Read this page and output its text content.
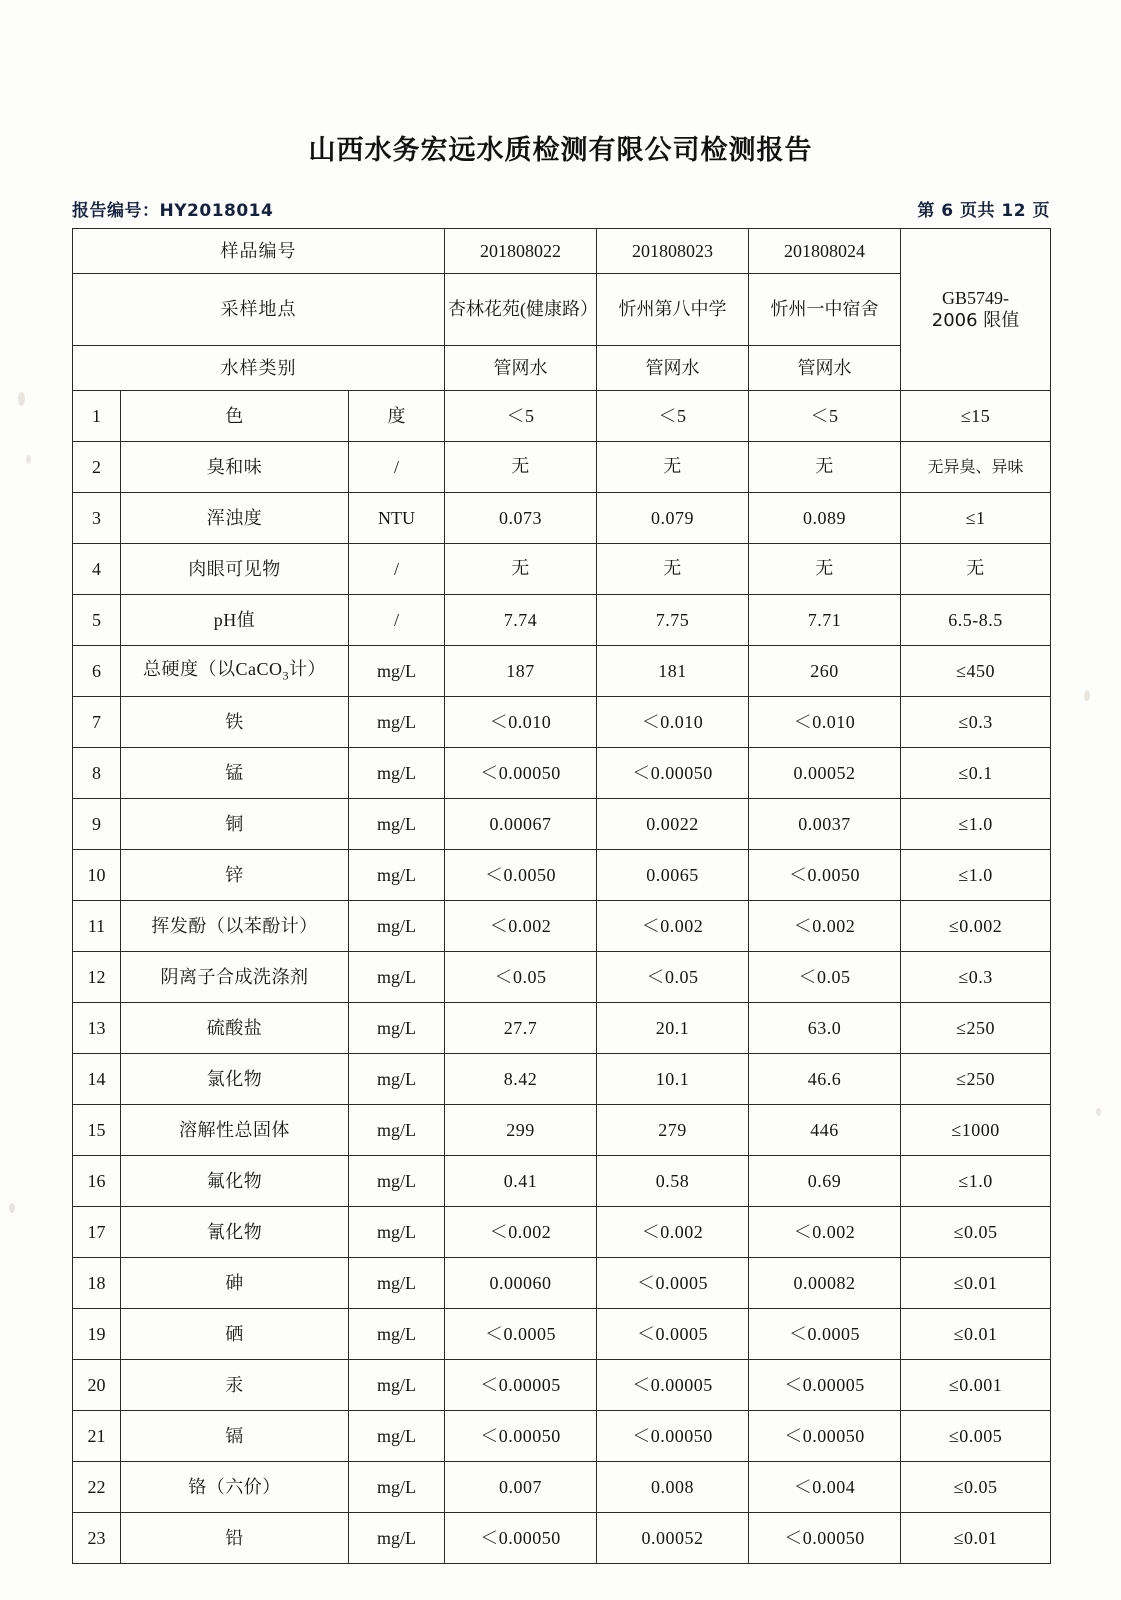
山西水务宏远水质检测有限公司检测报告
报告编号：HY2018014	第 6 页共 12 页
样品编号			201808022	201808023	201808024	GB5749-
2006 限值

采样地点			杏林花苑(健康路）	忻州第八中学	忻州一中宿舍	
水样类别			管网水	管网水	管网水	
1	色	度	＜5	＜5	＜5	≤15
2	臭和味	/	无	无	无	无异臭、异味
3	浑浊度	NTU	0.073	0.079	0.089	≤1
4	肉眼可见物	/	无	无	无	无
5	pH值	/	7.74	7.75	7.71	6.5-8.5
6	总硬度（以CaCO$_3$计）	mg/L	187	181	260	≤450
7	铁	mg/L	＜0.010	＜0.010	＜0.010	≤0.3
8	锰	mg/L	＜0.00050	＜0.00050	0.00052	≤0.1
9	铜	mg/L	0.00067	0.0022	0.0037	≤1.0
10	锌	mg/L	＜0.0050	0.0065	＜0.0050	≤1.0
11	挥发酚（以苯酚计）	mg/L	＜0.002	＜0.002	＜0.002	≤0.002
12	阴离子合成洗涤剂	mg/L	＜0.05	＜0.05	＜0.05	≤0.3
13	硫酸盐	mg/L	27.7	20.1	63.0	≤250
14	氯化物	mg/L	8.42	10.1	46.6	≤250
15	溶解性总固体	mg/L	299	279	446	≤1000
16	氟化物	mg/L	0.41	0.58	0.69	≤1.0
17	氰化物	mg/L	＜0.002	＜0.002	＜0.002	≤0.05
18	砷	mg/L	0.00060	＜0.0005	0.00082	≤0.01
19	硒	mg/L	＜0.0005	＜0.0005	＜0.0005	≤0.01
20	汞	mg/L	＜0.00005	＜0.00005	＜0.00005	≤0.001
21	镉	mg/L	＜0.00050	＜0.00050	＜0.00050	≤0.005
22	铬（六价）	mg/L	0.007	0.008	＜0.004	≤0.05
23	铅	mg/L	＜0.00050	0.00052	＜0.00050	≤0.01
